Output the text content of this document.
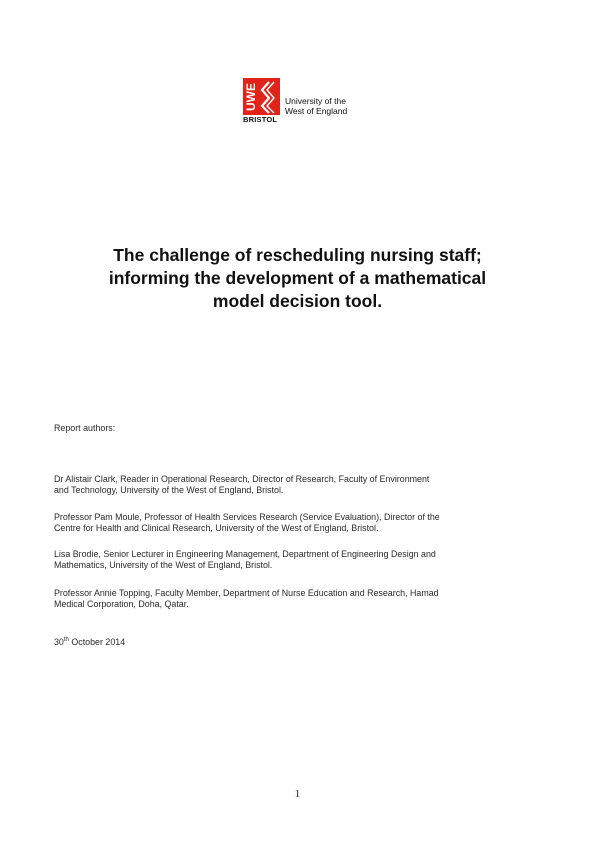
UWE
BRISTOL
University of the
West of England
The challenge of rescheduling nursing staff;
informing the development of a mathematical
model decision tool.

Report authors:

Dr Alistair Clark, Reader in Operational Research, Director of Research, Faculty of Environment
and Technology, University of the West of England, Bristol.

Professor Pam Moule, Professor of Health Services Research (Service Evaluation), Director of the
Centre for Health and Clinical Research, University of the West of England, Bristol.

Lisa Brodie, Senior Lecturer in Engineering Management, Department of Engineering Design and
Mathematics, University of the West of England, Bristol.

Professor Annie Topping, Faculty Member, Department of Nurse Education and Research, Hamad
Medical Corporation, Doha, Qatar.

30th October 2014

1
